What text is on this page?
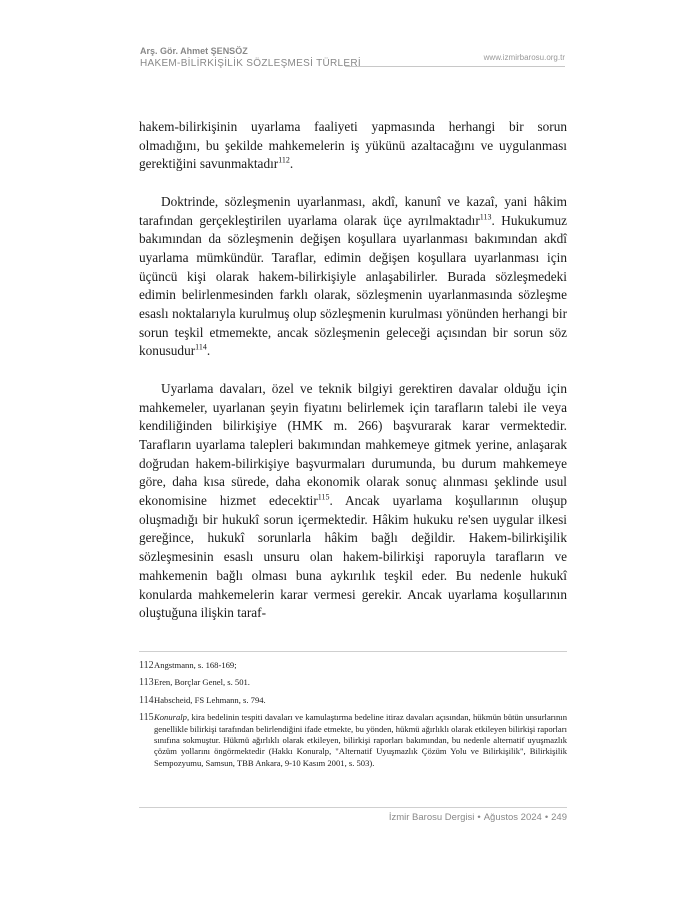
Arş. Gör. Ahmet ŞENSÖZ
HAKEM-BİLİRKİŞİLİK SÖZLEŞMESİ TÜRLERİ
www.izmirbarosu.org.tr

hakem-bilirkişinin uyarlama faaliyeti yapmasında herhangi bir sorun olmadığını, bu şekilde mahkemelerin iş yükünü azaltacağını ve uygulanması gerektiğini savunmaktadır$^{112}$.

Doktrinde, sözleşmenin uyarlanması, akdî, kanunî ve kazaî, yani hâkim tarafından gerçekleştirilen uyarlama olarak üçe ayrılmaktadır$^{113}$. Hukukumuz bakımından da sözleşmenin değişen koşullara uyarlanması bakımından akdî uyarlama mümkündür. Taraflar, edimin değişen koşullara uyarlanması için üçüncü kişi olarak hakem-bilirkişiyle anlaşabilirler. Burada sözleşmedeki edimin belirlenmesinden farklı olarak, sözleşmenin uyarlanmasında sözleşme esaslı noktalarıyla kurulmuş olup sözleşmenin kurulması yönünden herhangi bir sorun teşkil etmemekte, ancak sözleşmenin geleceği açısından bir sorun söz konusudur$^{114}$.

Uyarlama davaları, özel ve teknik bilgiyi gerektiren davalar olduğu için mahkemeler, uyarlanan şeyin fiyatını belirlemek için tarafların talebi ile veya kendiliğinden bilirkişiye (HMK m. 266) başvurarak karar vermektedir. Tarafların uyarlama talepleri bakımından mahkemeye gitmek yerine, anlaşarak doğrudan hakem-bilirkişiye başvurmaları durumunda, bu durum mahkemeye göre, daha kısa sürede, daha ekonomik olarak sonuç alınması şeklinde usul ekonomisine hizmet edecektir$^{115}$. Ancak uyarlama koşullarının oluşup oluşmadığı bir hukukî sorun içermektedir. Hâkim hukuku re'sen uygular ilkesi gereğince, hukukî sorunlarla hâkim bağlı değildir. Hakem-bilirkişilik sözleşmesinin esaslı unsuru olan hakem-bilirkişi raporuyla tarafların ve mahkemenin bağlı olması buna aykırılık teşkil eder. Bu nedenle hukukî konularda mahkemelerin karar vermesi gerekir. Ancak uyarlama koşullarının oluştuğuna ilişkin taraf-

112 Angstmann, s. 168-169;
113 Eren, Borçlar Genel, s. 501.
114 Habscheid, FS Lehmann, s. 794.
115 Konuralp, kira bedelinin tespiti davaları ve kamulaştırma bedeline itiraz davaları açısından, hükmün bütün unsurlarının genellikle bilirkişi tarafından belirlendiğini ifade etmekte, bu yönden, hükmü ağırlıklı olarak etkileyen bilirkişi raporları sınıfına sokmuştur. Hükmü ağırlıklı olarak etkileyen, bilirkişi raporları bakımından, bu nedenle alternatif uyuşmazlık çözüm yollarını öngörmektedir (Hakkı Konuralp, "Alternatif Uyuşmazlık Çözüm Yolu ve Bilirkişilik", Bilirkişilik Sempozyumu, Samsun, TBB Ankara, 9-10 Kasım 2001, s. 503).
İzmir Barosu Dergisi • Ağustos 2024 • 249
